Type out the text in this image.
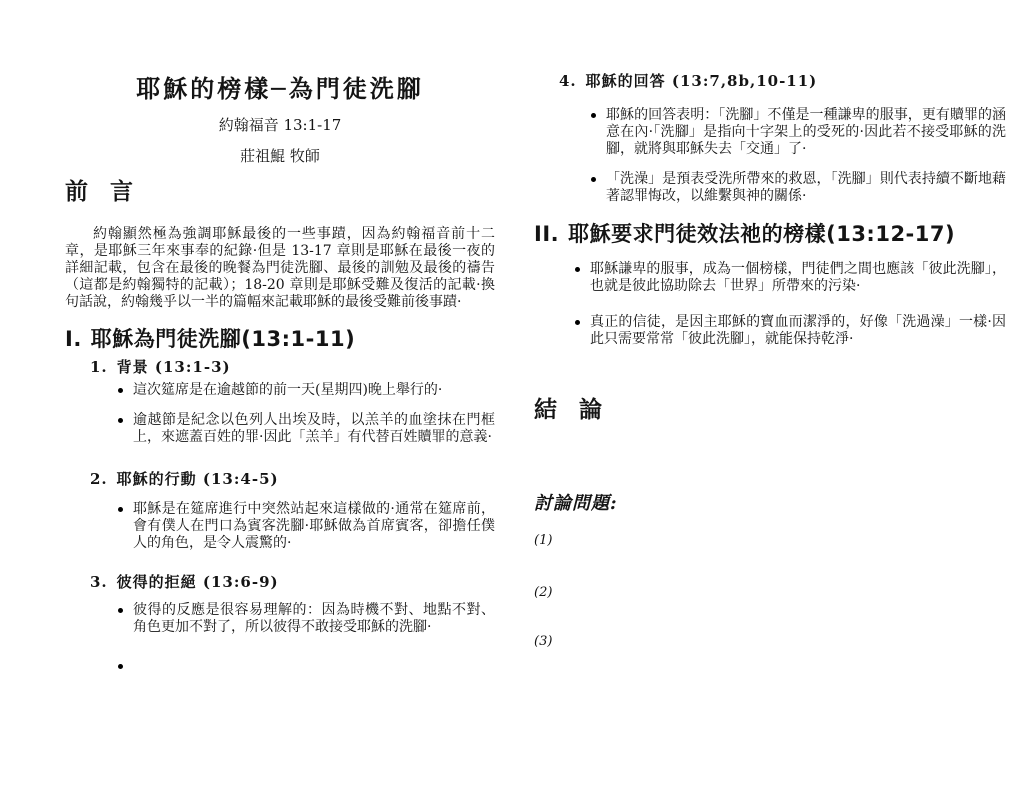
耶穌的榜樣─為門徒洗腳
約翰福音 13:1-17
莊祖鯤 牧師
前 言

約翰顯然極為強調耶穌最後的一些事蹟，因為約翰福音前十二章，是耶穌三年來事奉的紀錄·但是 13-17 章則是耶穌在最後一夜的詳細記載，包含在最後的晚餐為門徒洗腳、最後的訓勉及最後的禱告（這都是約翰獨特的記載）；18-20 章則是耶穌受難及復活的記載·換句話說，約翰幾乎以一半的篇幅來記載耶穌的最後受難前後事蹟·

I. 耶穌為門徒洗腳(13:1-11)
1. 背景 (13:1-3)
這次筵席是在逾越節的前一天(星期四)晚上舉行的·
逾越節是紀念以色列人出埃及時，以羔羊的血塗抹在門框上，來遮蓋百姓的罪·因此「羔羊」有代替百姓贖罪的意義·
2. 耶穌的行動 (13:4-5)
耶穌是在筵席進行中突然站起來這樣做的·通常在筵席前，會有僕人在門口為賓客洗腳·耶穌做為首席賓客，卻擔任僕人的角色，是令人震驚的·
3. 彼得的拒絕 (13:6-9)
彼得的反應是很容易理解的：因為時機不對、地點不對、角色更加不對了，所以彼得不敢接受耶穌的洗腳·
4. 耶穌的回答 (13:7,8b,10-11)
耶穌的回答表明：「洗腳」不僅是一種謙卑的服事，更有贖罪的涵意在內·「洗腳」是指向十字架上的受死的·因此若不接受耶穌的洗腳，就將與耶穌失去「交通」了·
「洗澡」是預表受洗所帶來的救恩，「洗腳」則代表持續不斷地藉著認罪悔改，以維繫與神的關係·
II. 耶穌要求門徒效法祂的榜樣(13:12-17)
耶穌謙卑的服事，成為一個榜樣，門徒們之間也應該「彼此洗腳」，也就是彼此協助除去「世界」所帶來的污染·
真正的信徒，是因主耶穌的寶血而潔淨的，好像「洗過澡」一樣·因此只需要常常「彼此洗腳」，就能保持乾淨·
結 論
討論問題:
(1)
(2)
(3)
